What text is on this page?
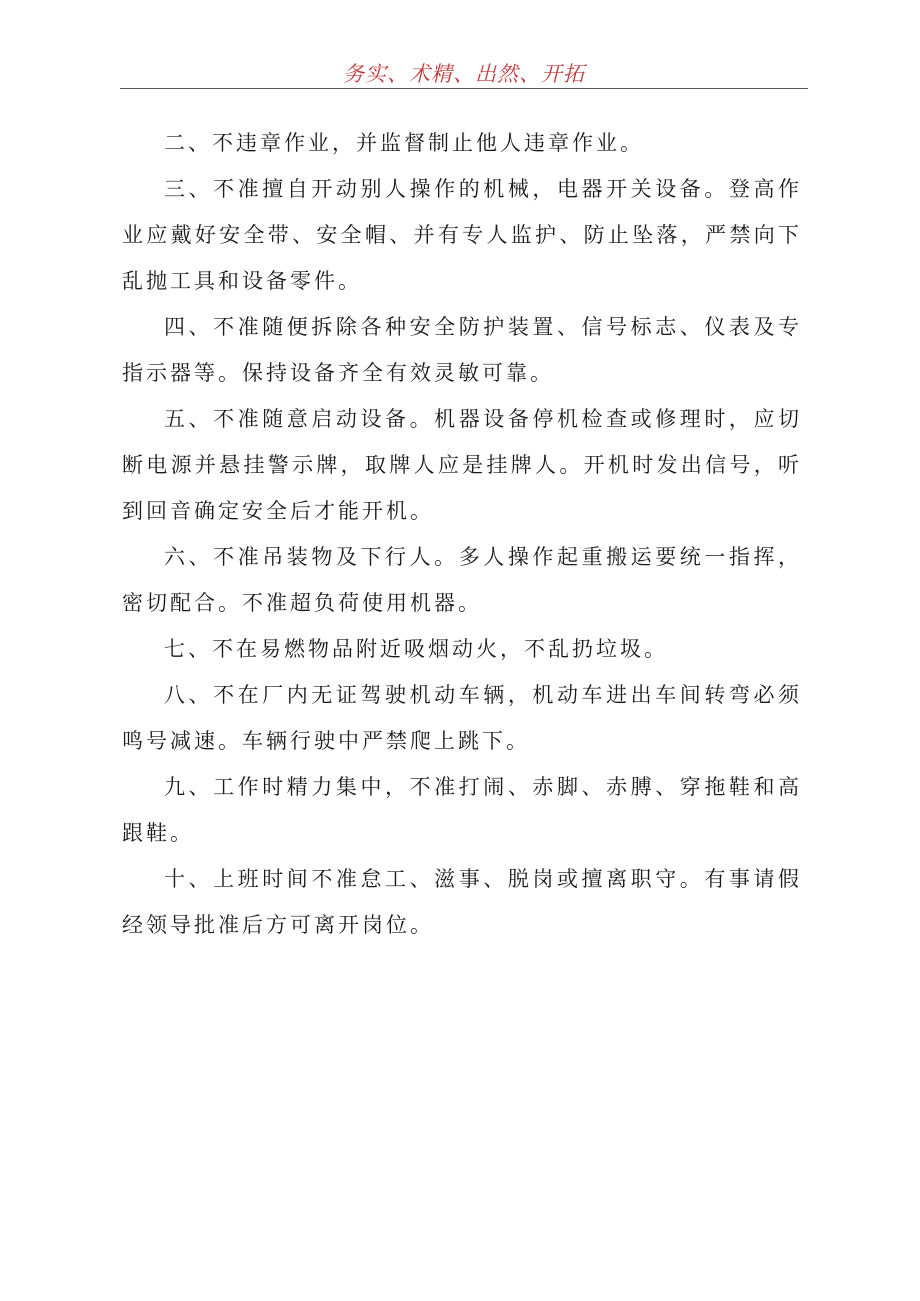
务实、术精、出然、开拓

二、不违章作业，并监督制止他人违章作业。

三、不准擅自开动别人操作的机械，电器开关设备。登高作业应戴好安全带、安全帽、并有专人监护、防止坠落，严禁向下乱抛工具和设备零件。

四、不准随便拆除各种安全防护装置、信号标志、仪表及专指示器等。保持设备齐全有效灵敏可靠。

五、不准随意启动设备。机器设备停机检查或修理时，应切断电源并悬挂警示牌，取牌人应是挂牌人。开机时发出信号，听到回音确定安全后才能开机。

六、不准吊装物及下行人。多人操作起重搬运要统一指挥，密切配合。不准超负荷使用机器。

七、不在易燃物品附近吸烟动火，不乱扔垃圾。

八、不在厂内无证驾驶机动车辆，机动车进出车间转弯必须鸣号减速。车辆行驶中严禁爬上跳下。

九、工作时精力集中，不准打闹、赤脚、赤膊、穿拖鞋和高跟鞋。

十、上班时间不准怠工、滋事、脱岗或擅离职守。有事请假经领导批准后方可离开岗位。
